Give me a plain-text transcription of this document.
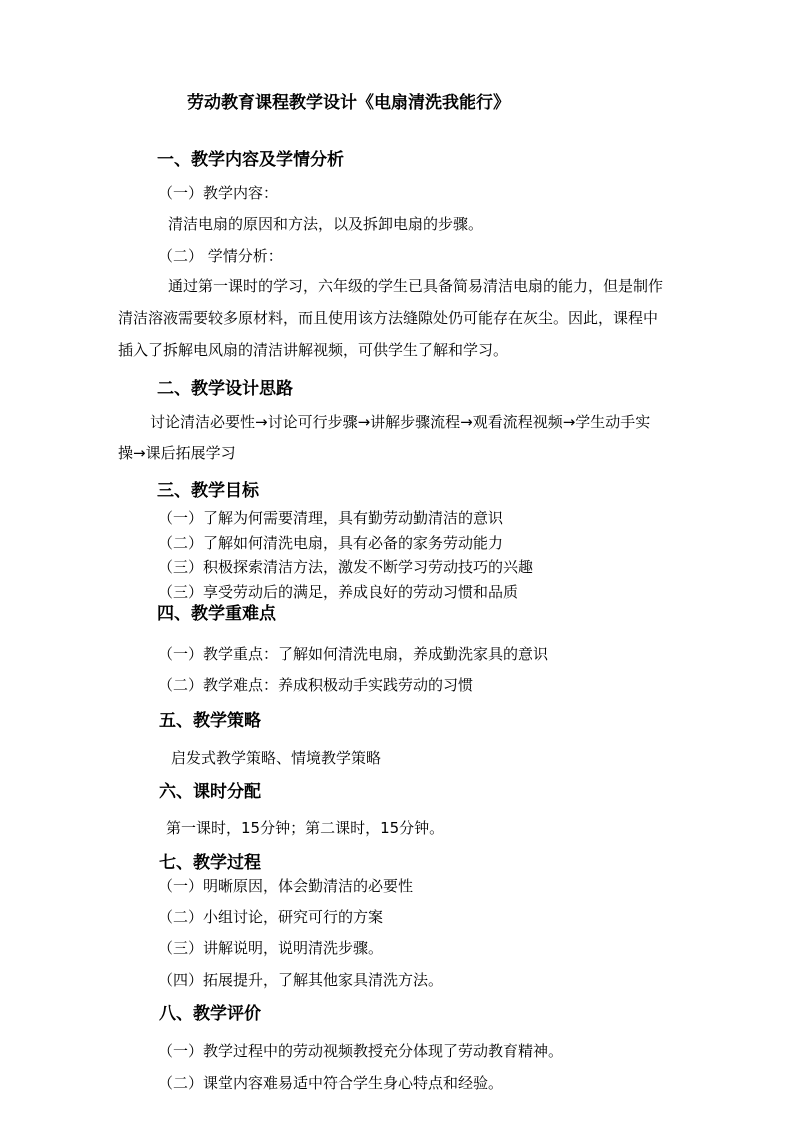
劳动教育课程教学设计《电扇清洗我能行》
一、教学内容及学情分析
（一）教学内容：
清洁电扇的原因和方法，以及拆卸电扇的步骤。
（二） 学情分析：
通过第一课时的学习，六年级的学生已具备简易清洁电扇的能力，但是制作
清洁溶液需要较多原材料，而且使用该方法缝隙处仍可能存在灰尘。因此，课程中
插入了拆解电风扇的清洁讲解视频，可供学生了解和学习。
二、教学设计思路
讨论清洁必要性→讨论可行步骤→讲解步骤流程→观看流程视频→学生动手实
操→课后拓展学习
三、教学目标
（一）了解为何需要清理，具有勤劳动勤清洁的意识
（二）了解如何清洗电扇，具有必备的家务劳动能力
（三）积极探索清洁方法，激发不断学习劳动技巧的兴趣
（三）享受劳动后的满足，养成良好的劳动习惯和品质
四、教学重难点
（一）教学重点：了解如何清洗电扇，养成勤洗家具的意识
（二）教学难点：养成积极动手实践劳动的习惯
五、教学策略
启发式教学策略、情境教学策略
六、课时分配
第一课时，15分钟；第二课时，15分钟。
七、教学过程
（一）明晰原因，体会勤清洁的必要性
（二）小组讨论，研究可行的方案
（三）讲解说明，说明清洗步骤。
（四）拓展提升，了解其他家具清洗方法。
八、教学评价
（一）教学过程中的劳动视频教授充分体现了劳动教育精神。
（二）课堂内容难易适中符合学生身心特点和经验。
